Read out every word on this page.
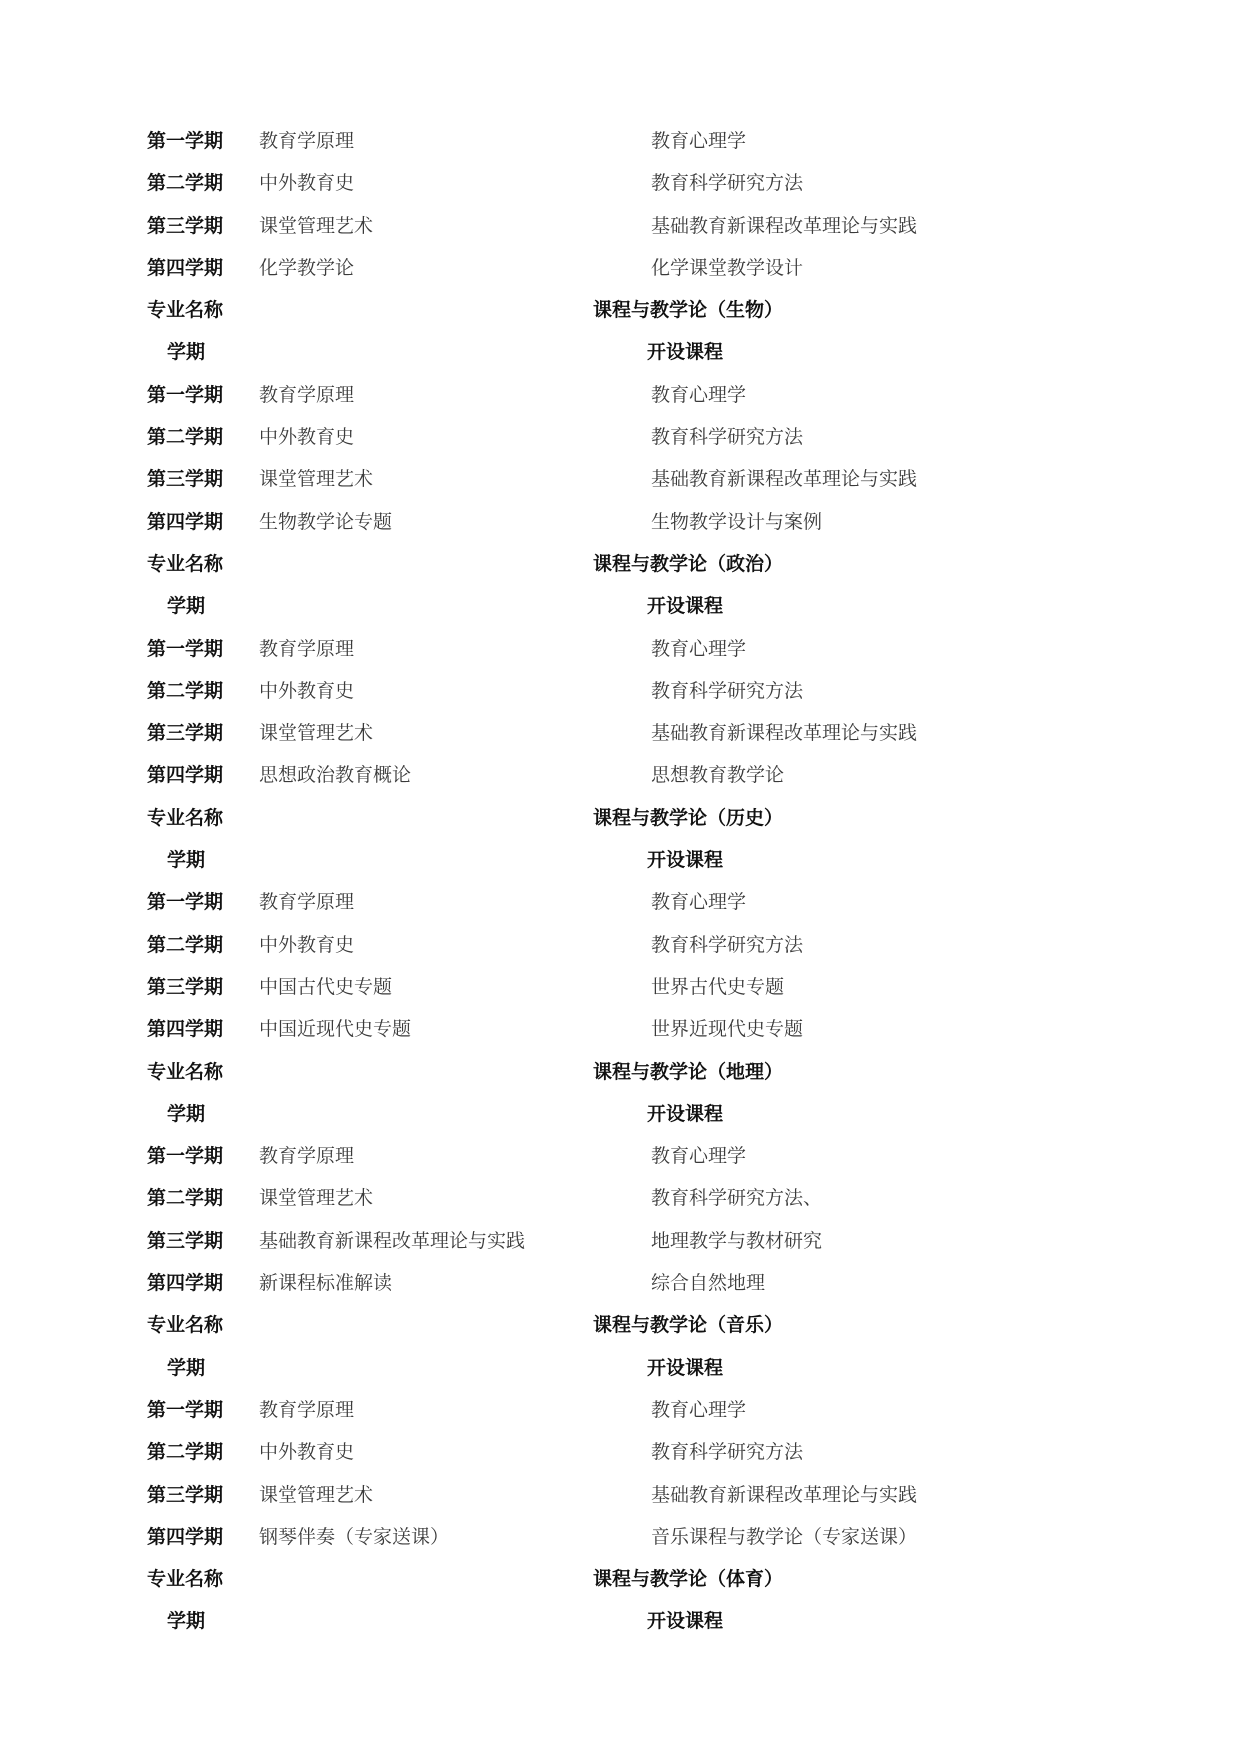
第一学期 教育学原理	教育心理学
第二学期 中外教育史	教育科学研究方法
第三学期 课堂管理艺术	基础教育新课程改革理论与实践
第四学期 化学教学论	化学课堂教学设计
专业名称	课程与教学论（生物）
学期	开设课程
第一学期 教育学原理	教育心理学
第二学期 中外教育史	教育科学研究方法
第三学期 课堂管理艺术	基础教育新课程改革理论与实践
第四学期 生物教学论专题	生物教学设计与案例
专业名称	课程与教学论（政治）
学期	开设课程
第一学期 教育学原理	教育心理学
第二学期 中外教育史	教育科学研究方法
第三学期 课堂管理艺术	基础教育新课程改革理论与实践
第四学期 思想政治教育概论	思想教育教学论
专业名称	课程与教学论（历史）
学期	开设课程
第一学期 教育学原理	教育心理学
第二学期 中外教育史	教育科学研究方法
第三学期 中国古代史专题	世界古代史专题
第四学期 中国近现代史专题	世界近现代史专题
专业名称	课程与教学论（地理）
学期	开设课程
第一学期 教育学原理	教育心理学
第二学期 课堂管理艺术	教育科学研究方法、
第三学期 基础教育新课程改革理论与实践	地理教学与教材研究
第四学期 新课程标准解读	综合自然地理
专业名称	课程与教学论（音乐）
学期	开设课程
第一学期 教育学原理	教育心理学
第二学期 中外教育史	教育科学研究方法
第三学期 课堂管理艺术	基础教育新课程改革理论与实践
第四学期 钢琴伴奏（专家送课）	音乐课程与教学论（专家送课）
专业名称	课程与教学论（体育）
学期	开设课程
